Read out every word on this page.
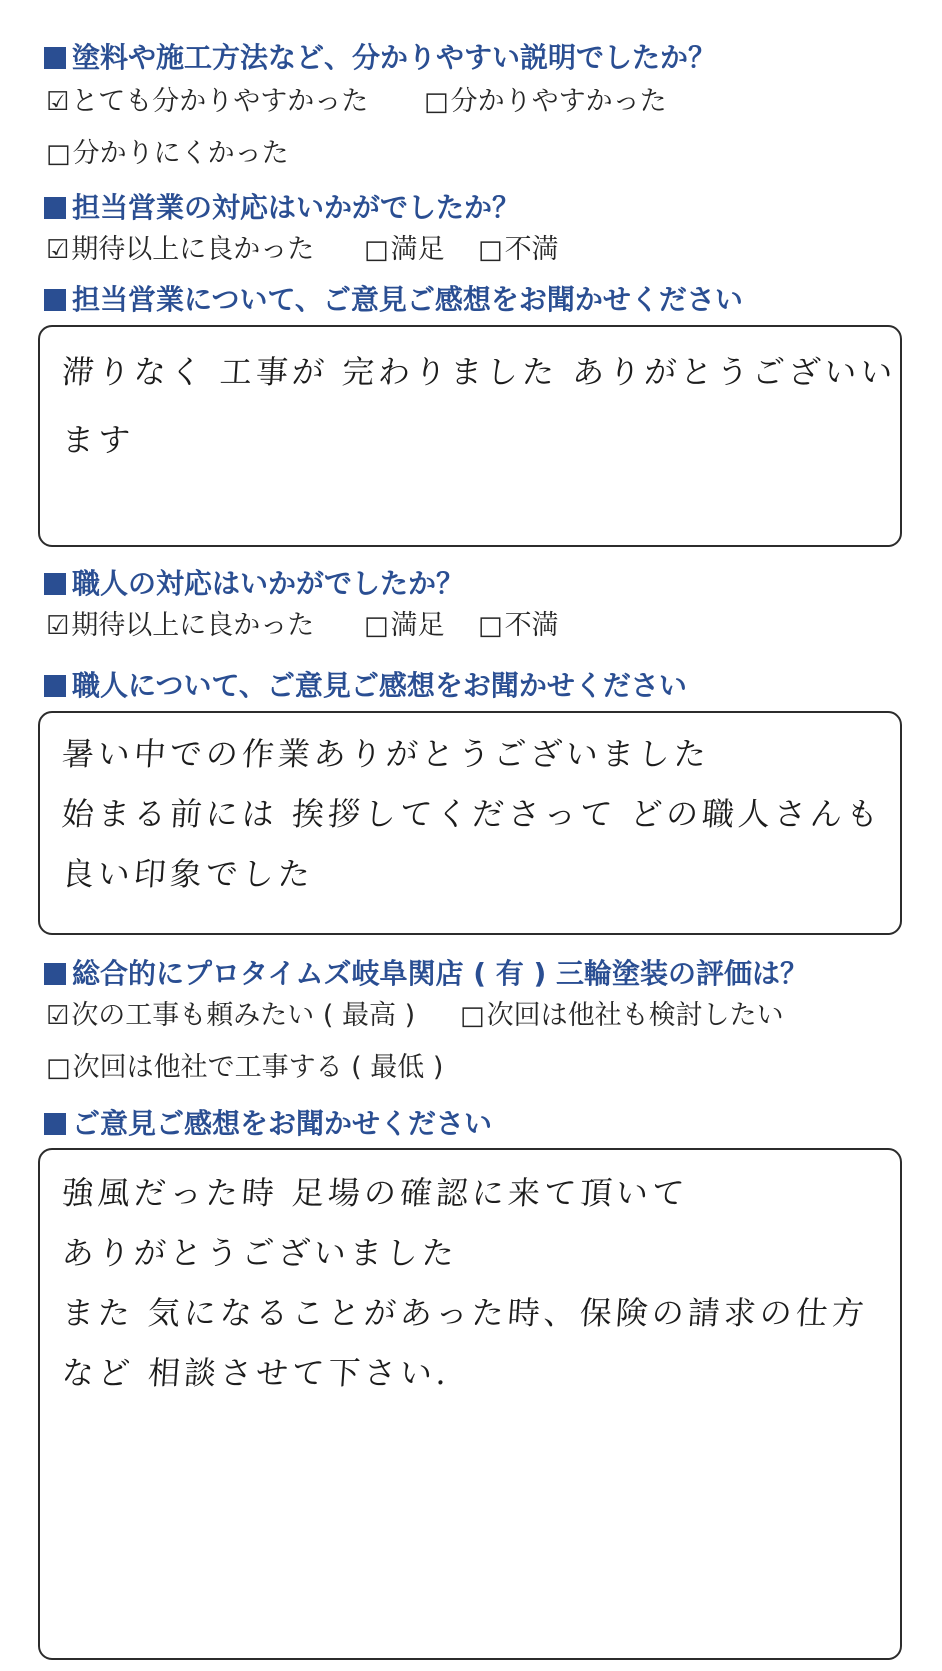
塗料や施工方法など、分かりやすい説明でしたか？
☑とても分かりやすかった □分かりやすかった
□分かりにくかった
担当営業の対応はいかがでしたか？
☑期待以上に良かった □満足 □不満
担当営業について、ご意見ご感想をお聞かせください
滞りなく 工事が 完わりました ありがとうございい
ます
職人の対応はいかがでしたか？
☑期待以上に良かった □満足 □不満
職人について、ご意見ご感想をお聞かせください
暑い中での作業ありがとうございました
始まる前には 挨拶してくださって どの職人さんも
良い印象でした
総合的にプロタイムズ岐阜関店 ( 有 ) 三輪塗装の評価は？
☑次の工事も頼みたい ( 最高 ) □次回は他社も検討したい
□次回は他社で工事する ( 最低 )
ご意見ご感想をお聞かせください
強風だった時 足場の確認に来て頂いて
ありがとうございました
また 気になることがあった時、保険の請求の仕方
など 相談させて下さい.
